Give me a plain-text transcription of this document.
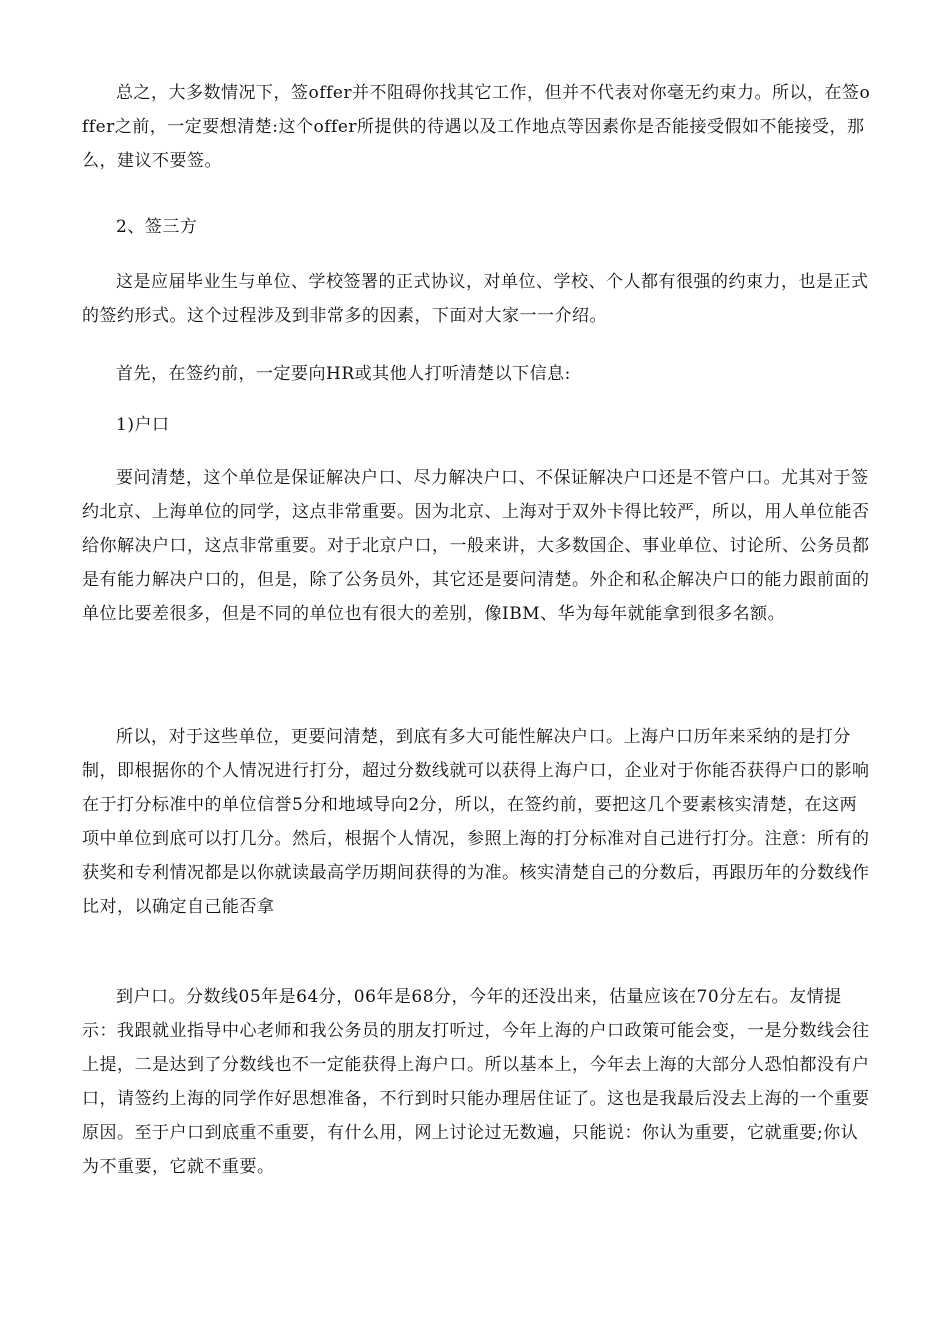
总之，大多数情况下，签offer并不阻碍你找其它工作，但并不代表对你毫无约束力。所以，在签offer之前，一定要想清楚:这个offer所提供的待遇以及工作地点等因素你是否能接受假如不能接受，那么，建议不要签。

2、签三方

这是应届毕业生与单位、学校签署的正式协议，对单位、学校、个人都有很强的约束力，也是正式的签约形式。这个过程涉及到非常多的因素，下面对大家一一介绍。

首先，在签约前，一定要向HR或其他人打听清楚以下信息:

1)户口

要问清楚，这个单位是保证解决户口、尽力解决户口、不保证解决户口还是不管户口。尤其对于签约北京、上海单位的同学，这点非常重要。因为北京、上海对于双外卡得比较严，所以，用人单位能否给你解决户口，这点非常重要。对于北京户口，一般来讲，大多数国企、事业单位、讨论所、公务员都是有能力解决户口的，但是，除了公务员外，其它还是要问清楚。外企和私企解决户口的能力跟前面的单位比要差很多，但是不同的单位也有很大的差别，像IBM、华为每年就能拿到很多名额。

所以，对于这些单位，更要问清楚，到底有多大可能性解决户口。上海户口历年来采纳的是打分制，即根据你的个人情况进行打分，超过分数线就可以获得上海户口，企业对于你能否获得户口的影响在于打分标准中的单位信誉5分和地域导向2分，所以，在签约前，要把这几个要素核实清楚，在这两项中单位到底可以打几分。然后，根据个人情况，参照上海的打分标准对自己进行打分。注意：所有的获奖和专利情况都是以你就读最高学历期间获得的为准。核实清楚自己的分数后，再跟历年的分数线作比对，以确定自己能否拿

到户口。分数线05年是64分，06年是68分，今年的还没出来，估量应该在70分左右。友情提示：我跟就业指导中心老师和我公务员的朋友打听过，今年上海的户口政策可能会变，一是分数线会往上提，二是达到了分数线也不一定能获得上海户口。所以基本上，今年去上海的大部分人恐怕都没有户口，请签约上海的同学作好思想准备，不行到时只能办理居住证了。这也是我最后没去上海的一个重要原因。至于户口到底重不重要，有什么用，网上讨论过无数遍，只能说：你认为重要，它就重要;你认为不重要，它就不重要。
